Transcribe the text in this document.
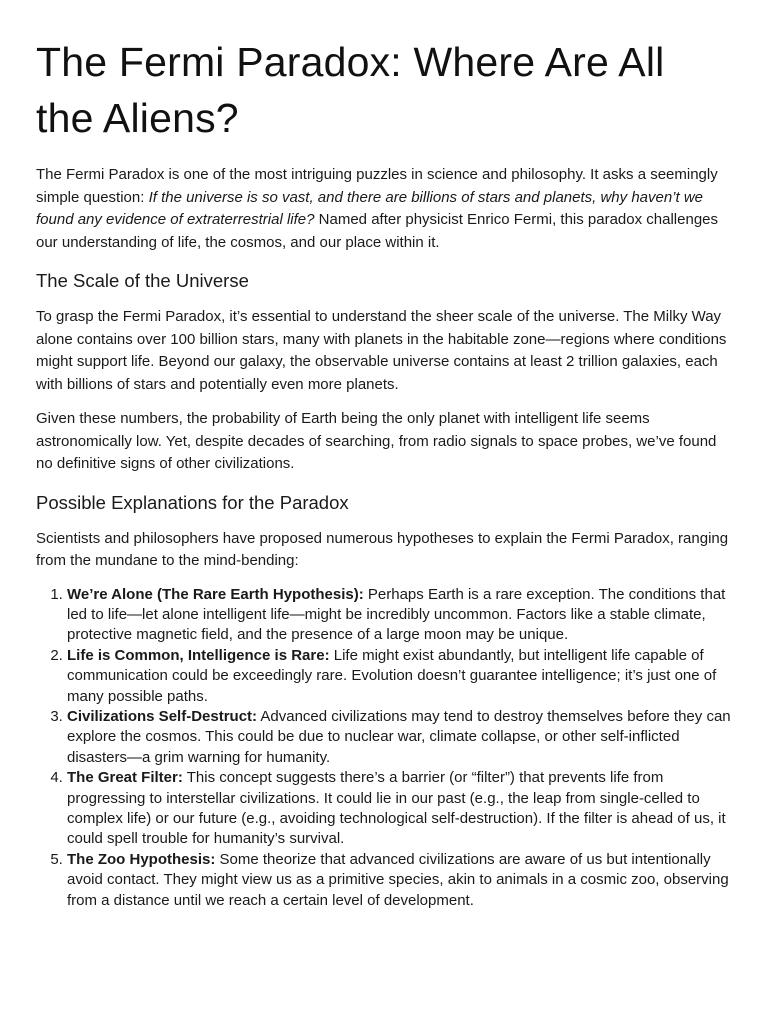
The Fermi Paradox: Where Are All the Aliens?

The Fermi Paradox is one of the most intriguing puzzles in science and philosophy. It asks a seemingly simple question: If the universe is so vast, and there are billions of stars and planets, why haven’t we found any evidence of extraterrestrial life? Named after physicist Enrico Fermi, this paradox challenges our understanding of life, the cosmos, and our place within it.

The Scale of the Universe

To grasp the Fermi Paradox, it’s essential to understand the sheer scale of the universe. The Milky Way alone contains over 100 billion stars, many with planets in the habitable zone—regions where conditions might support life. Beyond our galaxy, the observable universe contains at least 2 trillion galaxies, each with billions of stars and potentially even more planets.

Given these numbers, the probability of Earth being the only planet with intelligent life seems astronomically low. Yet, despite decades of searching, from radio signals to space probes, we’ve found no definitive signs of other civilizations.

Possible Explanations for the Paradox

Scientists and philosophers have proposed numerous hypotheses to explain the Fermi Paradox, ranging from the mundane to the mind-bending:

1. We’re Alone (The Rare Earth Hypothesis): Perhaps Earth is a rare exception. The conditions that led to life—let alone intelligent life—might be incredibly uncommon. Factors like a stable climate, protective magnetic field, and the presence of a large moon may be unique.
2. Life is Common, Intelligence is Rare: Life might exist abundantly, but intelligent life capable of communication could be exceedingly rare. Evolution doesn’t guarantee intelligence; it’s just one of many possible paths.
3. Civilizations Self-Destruct: Advanced civilizations may tend to destroy themselves before they can explore the cosmos. This could be due to nuclear war, climate collapse, or other self-inflicted disasters—a grim warning for humanity.
4. The Great Filter: This concept suggests there’s a barrier (or “filter”) that prevents life from progressing to interstellar civilizations. It could lie in our past (e.g., the leap from single-celled to complex life) or our future (e.g., avoiding technological self-destruction). If the filter is ahead of us, it could spell trouble for humanity’s survival.
5. The Zoo Hypothesis: Some theorize that advanced civilizations are aware of us but intentionally avoid contact. They might view us as a primitive species, akin to animals in a cosmic zoo, observing from a distance until we reach a certain level of development.
